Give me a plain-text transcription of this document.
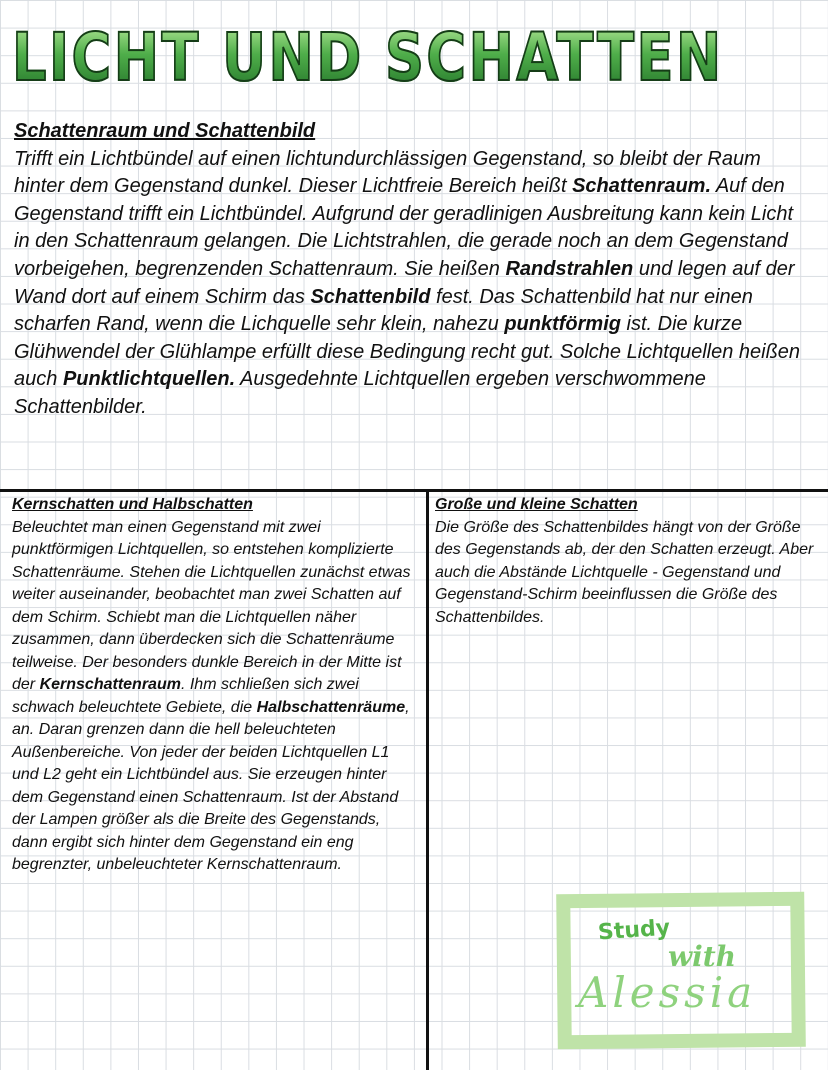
LICHT UND SCHATTEN
Schattenraum und Schattenbild
Trifft ein Lichtbündel auf einen lichtundurchlässigen Gegenstand, so bleibt der Raum hinter dem Gegenstand dunkel. Dieser Lichtfreie Bereich heißt Schattenraum. Auf den Gegenstand trifft ein Lichtbündel. Aufgrund der geradlinigen Ausbreitung kann kein Licht in den Schattenraum gelangen. Die Lichtstrahlen, die gerade noch an dem Gegenstand vorbeigehen, begrenzenden Schattenraum. Sie heißen Randstrahlen und legen auf der Wand dort auf einem Schirm das Schattenbild fest. Das Schattenbild hat nur einen scharfen Rand, wenn die Lichquelle sehr klein, nahezu punktförmig ist. Die kurze Glühwendel der Glühlampe erfüllt diese Bedingung recht gut. Solche Lichtquellen heißen auch Punktlichtquellen. Ausgedehnte Lichtquellen ergeben verschwommene Schattenbilder.
Kernschatten und Halbschatten
Beleuchtet man einen Gegenstand mit zwei punktförmigen Lichtquellen, so entstehen komplizierte Schattenräume. Stehen die Lichtquellen zunächst etwas weiter auseinander, beobachtet man zwei Schatten auf dem Schirm. Schiebt man die Lichtquellen näher zusammen, dann überdecken sich die Schattenräume teilweise. Der besonders dunkle Bereich in der Mitte ist der Kernschattenraum. Ihm schließen sich zwei schwach beleuchtete Gebiete, die Halbschattenräume, an. Daran grenzen dann die hell beleuchteten Außenbereiche. Von jeder der beiden Lichtquellen L1 und L2 geht ein Lichtbündel aus. Sie erzeugen hinter dem Gegenstand einen Schattenraum. Ist der Abstand der Lampen größer als die Breite des Gegenstands, dann ergibt sich hinter dem Gegenstand ein eng begrenzter, unbeleuchteter Kernschattenraum.
Große und kleine Schatten
Die Größe des Schattenbildes hängt von der Größe des Gegenstands ab, der den Schatten erzeugt. Aber auch die Abstände Lichtquelle - Gegenstand und Gegenstand-Schirm beeinflussen die Größe des Schattenbildes.
Study
with
Alessia
